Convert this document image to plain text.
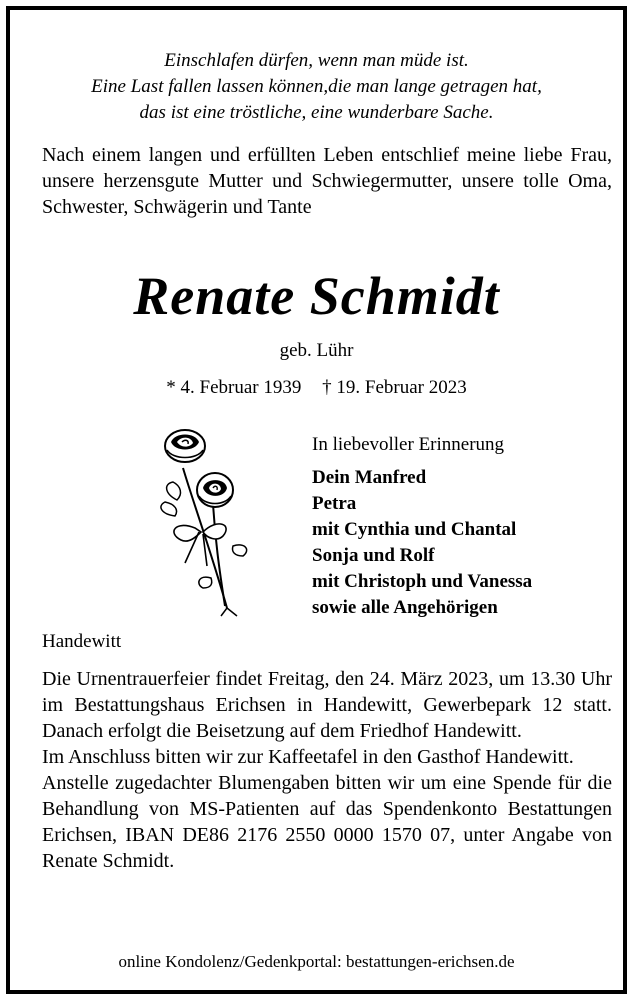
Einschlafen dürfen, wenn man müde ist.
Eine Last fallen lassen können,die man lange getragen hat,
das ist eine tröstliche, eine wunderbare Sache.
Nach einem langen und erfüllten Leben entschlief meine liebe Frau, unsere herzensgute Mutter und Schwiegermutter, unsere tolle Oma, Schwester, Schwägerin und Tante
Renate Schmidt
geb. Lühr
* 4. Februar 1939 † 19. Februar 2023
In liebevoller Erinnerung
Dein Manfred
Petra
mit Cynthia und Chantal
Sonja und Rolf
mit Christoph und Vanessa
sowie alle Angehörigen
Handewitt

Die Urnentrauerfeier findet Freitag, den 24. März 2023, um 13.30 Uhr im Bestattungshaus Erichsen in Handewitt, Gewerbepark 12 statt. Danach erfolgt die Beisetzung auf dem Friedhof Handewitt.

Im Anschluss bitten wir zur Kaffeetafel in den Gasthof Handewitt.

Anstelle zugedachter Blumengaben bitten wir um eine Spende für die Behandlung von MS-Patienten auf das Spendenkonto Bestattungen Erichsen, IBAN DE86 2176 2550 0000 1570 07, unter Angabe von Renate Schmidt.

online Kondolenz/Gedenkportal: bestattungen-erichsen.de
